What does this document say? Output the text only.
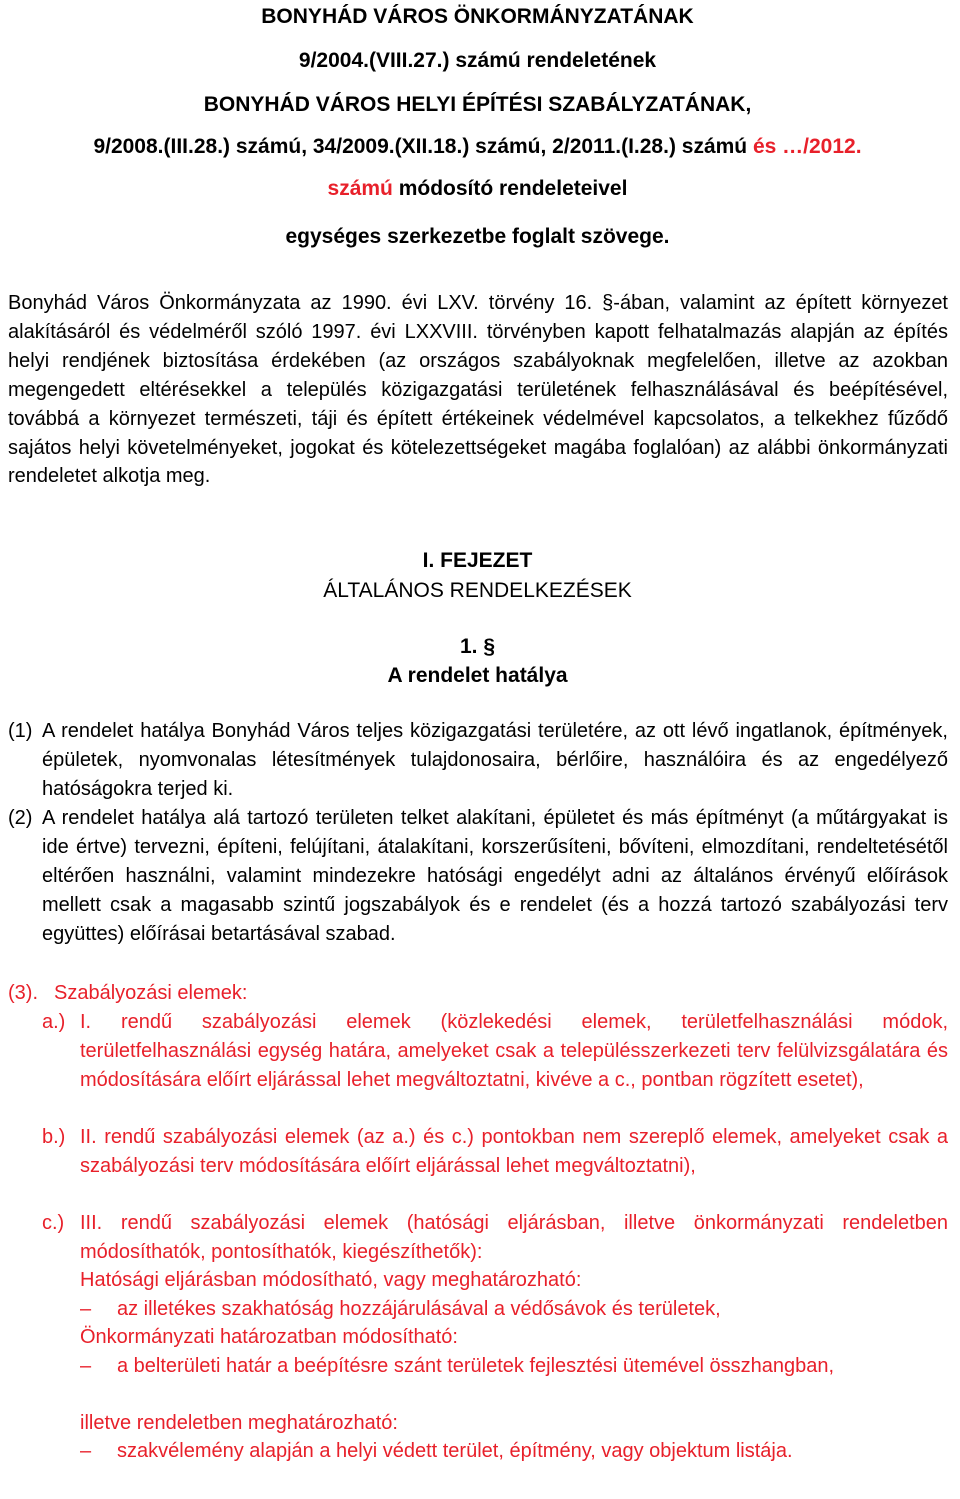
BONYHÁD VÁROS ÖNKORMÁNYZATÁNAK
9/2004.(VIII.27.) számú rendeletének
BONYHÁD VÁROS HELYI ÉPÍTÉSI SZABÁLYZATÁNAK,
9/2008.(III.28.) számú, 34/2009.(XII.18.) számú, 2/2011.(I.28.) számú és …/2012.
számú módosító rendeleteivel
egységes szerkezetbe foglalt szövege.
Bonyhád Város Önkormányzata az 1990. évi LXV. törvény 16. §-ában, valamint az épített környezet alakításáról és védelméről szóló 1997. évi LXXVIII. törvényben kapott felhatalmazás alapján az építés helyi rendjének biztosítása érdekében (az országos szabályoknak megfelelően, illetve az azokban megengedett eltérésekkel a település közigazgatási területének felhasználásával és beépítésével, továbbá a környezet természeti, táji és épített értékeinek védelmével kapcsolatos, a telkekhez fűződő sajátos helyi követelményeket, jogokat és kötelezettségeket magába foglalóan) az alábbi önkormányzati rendeletet alkotja meg.
I. FEJEZET
ÁLTALÁNOS RENDELKEZÉSEK
1. §
A rendelet hatálya
(1) A rendelet hatálya Bonyhád Város teljes közigazgatási területére, az ott lévő ingatlanok, építmények, épületek, nyomvonalas létesítmények tulajdonosaira, bérlőire, használóira és az engedélyező hatóságokra terjed ki.
(2) A rendelet hatálya alá tartozó területen telket alakítani, épületet és más építményt (a műtárgyakat is ide értve) tervezni, építeni, felújítani, átalakítani, korszerűsíteni, bővíteni, elmozdítani, rendeltetésétől eltérően használni, valamint mindezekre hatósági engedélyt adni az általános érvényű előírások mellett csak a magasabb szintű jogszabályok és e rendelet (és a hozzá tartozó szabályozási terv együttes) előírásai betartásával szabad.
(3). Szabályozási elemek:
a.) I. rendű szabályozási elemek (közlekedési elemek, területfelhasználási módok, területfelhasználási egység határa, amelyeket csak a településszerkezeti terv felülvizsgálatára és módosítására előírt eljárással lehet megváltoztatni, kivéve a c., pontban rögzített esetet),
b.) II. rendű szabályozási elemek (az a.) és c.) pontokban nem szereplő elemek, amelyeket csak a szabályozási terv módosítására előírt eljárással lehet megváltoztatni),
c.) III. rendű szabályozási elemek (hatósági eljárásban, illetve önkormányzati rendeletben módosíthatók, pontosíthatók, kiegészíthetők):
Hatósági eljárásban módosítható, vagy meghatározható:
– az illetékes szakhatóság hozzájárulásával a védősávok és területek,
Önkormányzati határozatban módosítható:
– a belterületi határ a beépítésre szánt területek fejlesztési ütemével összhangban,
illetve rendeletben meghatározható:
– szakvélemény alapján a helyi védett terület, építmény, vagy objektum listája.
